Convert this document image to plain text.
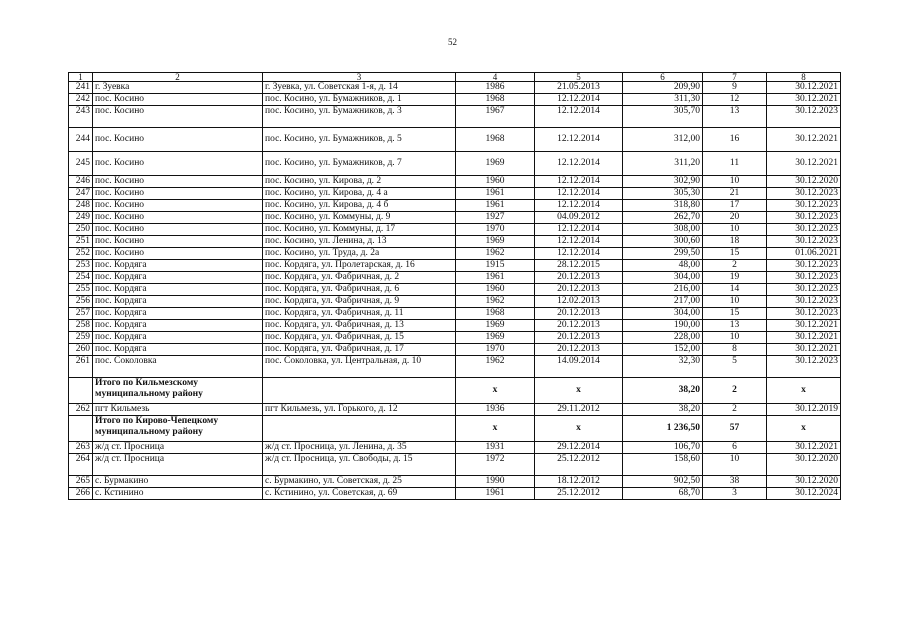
52
1	2	3	4	5	6	7	8
241	г. Зуевка	г. Зуевка, ул. Советская 1-я, д. 14	1986	21.05.2013	209,90	9	30.12.2021
242	пос. Косино	пос. Косино, ул. Бумажников, д. 1	1968	12.12.2014	311,30	12	30.12.2021
243	пос. Косино	пос. Косино, ул. Бумажников, д. 3	1967	12.12.2014	305,70	13	30.12.2023
244	пос. Косино	пос. Косино, ул. Бумажников, д. 5	1968	12.12.2014	312,00	16	30.12.2021
245	пос. Косино	пос. Косино, ул. Бумажников, д. 7	1969	12.12.2014	311,20	11	30.12.2021
246	пос. Косино	пос. Косино, ул. Кирова, д. 2	1960	12.12.2014	302,90	10	30.12.2020
247	пос. Косино	пос. Косино, ул. Кирова, д. 4 а	1961	12.12.2014	305,30	21	30.12.2023
248	пос. Косино	пос. Косино, ул. Кирова, д. 4 б	1961	12.12.2014	318,80	17	30.12.2023
249	пос. Косино	пос. Косино, ул. Коммуны, д. 9	1927	04.09.2012	262,70	20	30.12.2023
250	пос. Косино	пос. Косино, ул. Коммуны, д. 17	1970	12.12.2014	308,00	10	30.12.2023
251	пос. Косино	пос. Косино, ул. Ленина, д. 13	1969	12.12.2014	300,60	18	30.12.2023
252	пос. Косино	пос. Косино, ул. Труда, д. 2а	1962	12.12.2014	299,50	15	01.06.2021
253	пос. Кордяга	пос. Кордяга, ул. Пролетарская, д. 16	1915	28.12.2015	48,00	2	30.12.2023
254	пос. Кордяга	пос. Кордяга, ул. Фабричная, д. 2	1961	20.12.2013	304,00	19	30.12.2023
255	пос. Кордяга	пос. Кордяга, ул. Фабричная, д. 6	1960	20.12.2013	216,00	14	30.12.2023
256	пос. Кордяга	пос. Кордяга, ул. Фабричная, д. 9	1962	12.02.2013	217,00	10	30.12.2023
257	пос. Кордяга	пос. Кордяга, ул. Фабричная, д. 11	1968	20.12.2013	304,00	15	30.12.2023
258	пос. Кордяга	пос. Кордяга, ул. Фабричная, д. 13	1969	20.12.2013	190,00	13	30.12.2021
259	пос. Кордяга	пос. Кордяга, ул. Фабричная, д. 15	1969	20.12.2013	228,00	10	30.12.2021
260	пос. Кордяга	пос. Кордяга, ул. Фабричная, д. 17	1970	20.12.2013	152,00	8	30.12.2021
261	пос. Соколовка	пос. Соколовка, ул. Центральная, д. 10	1962	14.09.2014	32,30	5	30.12.2023
	Итого по Кильмезскому муниципальному району		х	х	38,20	2	х
262	пгт Кильмезь	пгт Кильмезь, ул. Горького, д. 12	1936	29.11.2012	38,20	2	30.12.2019
	Итого по Кирово-Чепецкому муниципальному району		х	х	1 236,50	57	х
263	ж/д ст. Просница	ж/д ст. Просница, ул. Ленина, д. 35	1931	29.12.2014	106,70	6	30.12.2021
264	ж/д ст. Просница	ж/д ст. Просница, ул. Свободы, д. 15	1972	25.12.2012	158,60	10	30.12.2020
265	с. Бурмакино	с. Бурмакино, ул. Советская, д. 25	1990	18.12.2012	902,50	38	30.12.2020
266	с. Кстинино	с. Кстинино, ул. Советская, д. 69	1961	25.12.2012	68,70	3	30.12.2024
